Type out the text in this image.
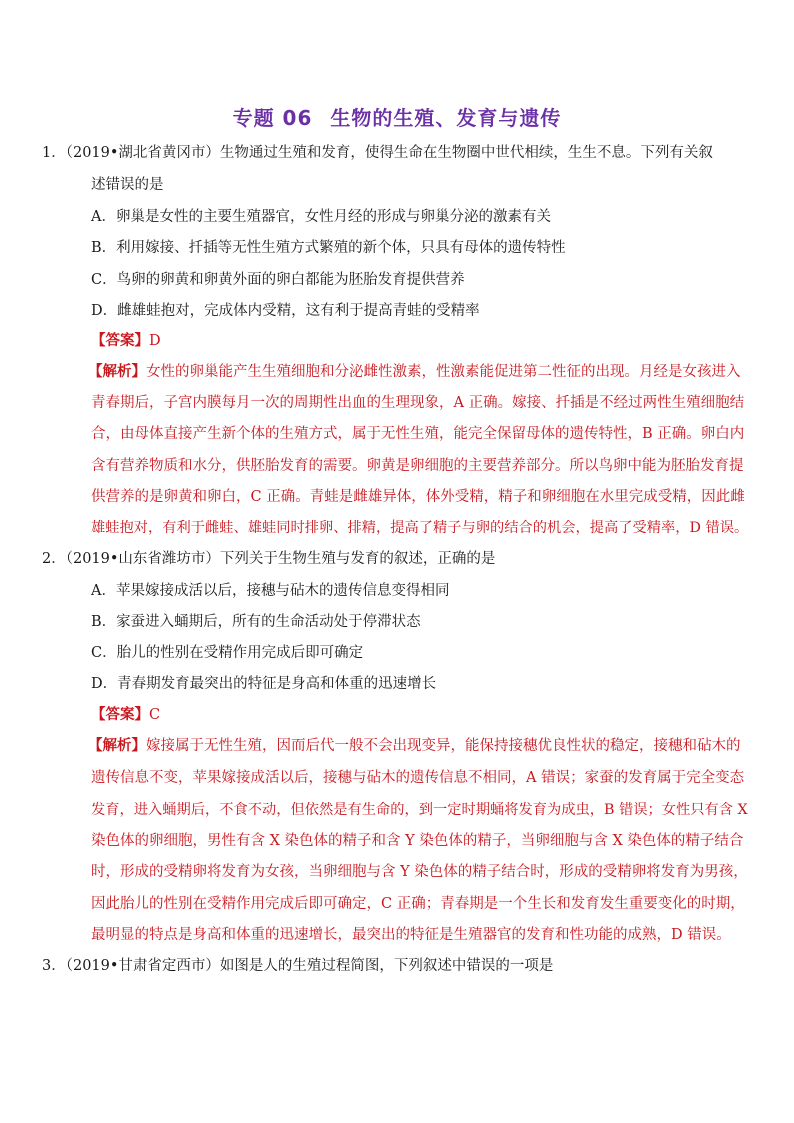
专题 06 生物的生殖、发育与遗传
1．（2019•湖北省黄冈市）生物通过生殖和发育，使得生命在生物圈中世代相续，生生不息。下列有关叙
述错误的是
A．卵巢是女性的主要生殖器官，女性月经的形成与卵巢分泌的激素有关
B．利用嫁接、扦插等无性生殖方式繁殖的新个体，只具有母体的遗传特性
C．鸟卵的卵黄和卵黄外面的卵白都能为胚胎发育提供营养
D．雌雄蛙抱对，完成体内受精，这有利于提高青蛙的受精率
【答案】D
【解析】女性的卵巢能产生生殖细胞和分泌雌性激素，性激素能促进第二性征的出现。月经是女孩进入
青春期后，子宫内膜每月一次的周期性出血的生理现象，A 正确。嫁接、扦插是不经过两性生殖细胞结
合，由母体直接产生新个体的生殖方式，属于无性生殖，能完全保留母体的遗传特性，B 正确。卵白内
含有营养物质和水分，供胚胎发育的需要。卵黄是卵细胞的主要营养部分。所以鸟卵中能为胚胎发育提
供营养的是卵黄和卵白，C 正确。青蛙是雌雄异体，体外受精，精子和卵细胞在水里完成受精，因此雌
雄蛙抱对，有利于雌蛙、雄蛙同时排卵、排精，提高了精子与卵的结合的机会，提高了受精率，D 错误。
2．（2019•山东省潍坊市）下列关于生物生殖与发育的叙述，正确的是
A．苹果嫁接成活以后，接穗与砧木的遗传信息变得相同
B．家蚕进入蛹期后，所有的生命活动处于停滞状态
C．胎儿的性别在受精作用完成后即可确定
D．青春期发育最突出的特征是身高和体重的迅速增长
【答案】C
【解析】嫁接属于无性生殖，因而后代一般不会出现变异，能保持接穗优良性状的稳定，接穗和砧木的
遗传信息不变，苹果嫁接成活以后，接穗与砧木的遗传信息不相同，A 错误；家蚕的发育属于完全变态
发育，进入蛹期后，不食不动，但依然是有生命的，到一定时期蛹将发育为成虫，B 错误；女性只有含 X
染色体的卵细胞，男性有含 X 染色体的精子和含 Y 染色体的精子，当卵细胞与含 X 染色体的精子结合
时，形成的受精卵将发育为女孩，当卵细胞与含 Y 染色体的精子结合时，形成的受精卵将发育为男孩，
因此胎儿的性别在受精作用完成后即可确定，C 正确；青春期是一个生长和发育发生重要变化的时期，
最明显的特点是身高和体重的迅速增长，最突出的特征是生殖器官的发育和性功能的成熟，D 错误。
3．（2019•甘肃省定西市）如图是人的生殖过程简图，下列叙述中错误的一项是
